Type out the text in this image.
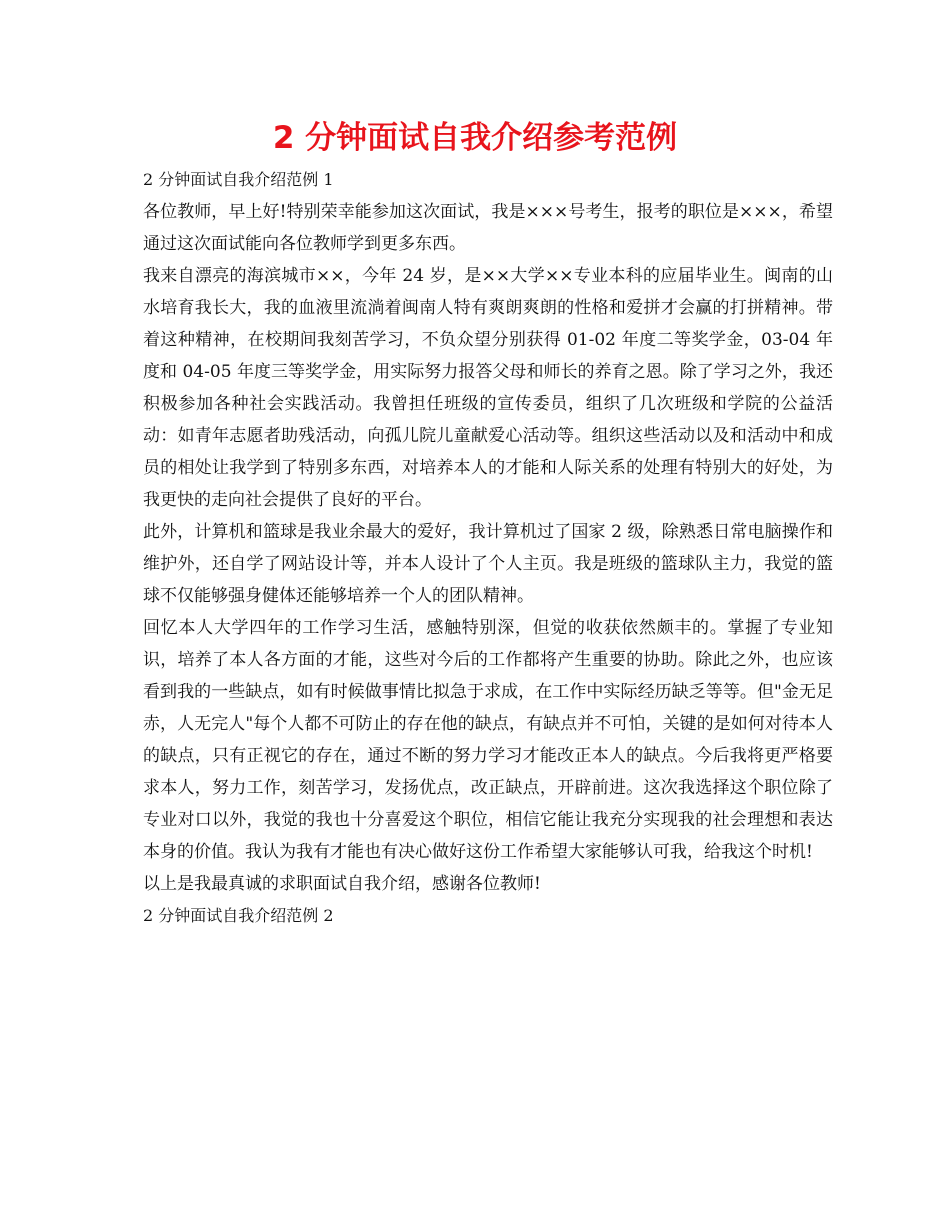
2 分钟面试自我介绍参考范例

2 分钟面试自我介绍范例 1

各位教师，早上好!特别荣幸能参加这次面试，我是×××号考生，报考的职位是×××，希望通过这次面试能向各位教师学到更多东西。

我来自漂亮的海滨城市××，今年 24 岁，是××大学××专业本科的应届毕业生。闽南的山水培育我长大，我的血液里流淌着闽南人特有爽朗爽朗的性格和爱拼才会赢的打拼精神。带着这种精神，在校期间我刻苦学习，不负众望分别获得 01-02 年度二等奖学金，03-04 年度和 04-05 年度三等奖学金，用实际努力报答父母和师长的养育之恩。除了学习之外，我还积极参加各种社会实践活动。我曾担任班级的宣传委员，组织了几次班级和学院的公益活动：如青年志愿者助残活动，向孤儿院儿童献爱心活动等。组织这些活动以及和活动中和成员的相处让我学到了特别多东西，对培养本人的才能和人际关系的处理有特别大的好处，为我更快的走向社会提供了良好的平台。

此外，计算机和篮球是我业余最大的爱好，我计算机过了国家 2 级，除熟悉日常电脑操作和维护外，还自学了网站设计等，并本人设计了个人主页。我是班级的篮球队主力，我觉的篮球不仅能够强身健体还能够培养一个人的团队精神。

回忆本人大学四年的工作学习生活，感触特别深，但觉的收获依然颇丰的。掌握了专业知识，培养了本人各方面的才能，这些对今后的工作都将产生重要的协助。除此之外，也应该看到我的一些缺点，如有时候做事情比拟急于求成，在工作中实际经历缺乏等等。但"金无足赤，人无完人"每个人都不可防止的存在他的缺点，有缺点并不可怕，关键的是如何对待本人的缺点，只有正视它的存在，通过不断的努力学习才能改正本人的缺点。今后我将更严格要求本人，努力工作，刻苦学习，发扬优点，改正缺点，开辟前进。这次我选择这个职位除了专业对口以外，我觉的我也十分喜爱这个职位，相信它能让我充分实现我的社会理想和表达本身的价值。我认为我有才能也有决心做好这份工作希望大家能够认可我，给我这个时机!

以上是我最真诚的求职面试自我介绍，感谢各位教师!

2 分钟面试自我介绍范例 2
